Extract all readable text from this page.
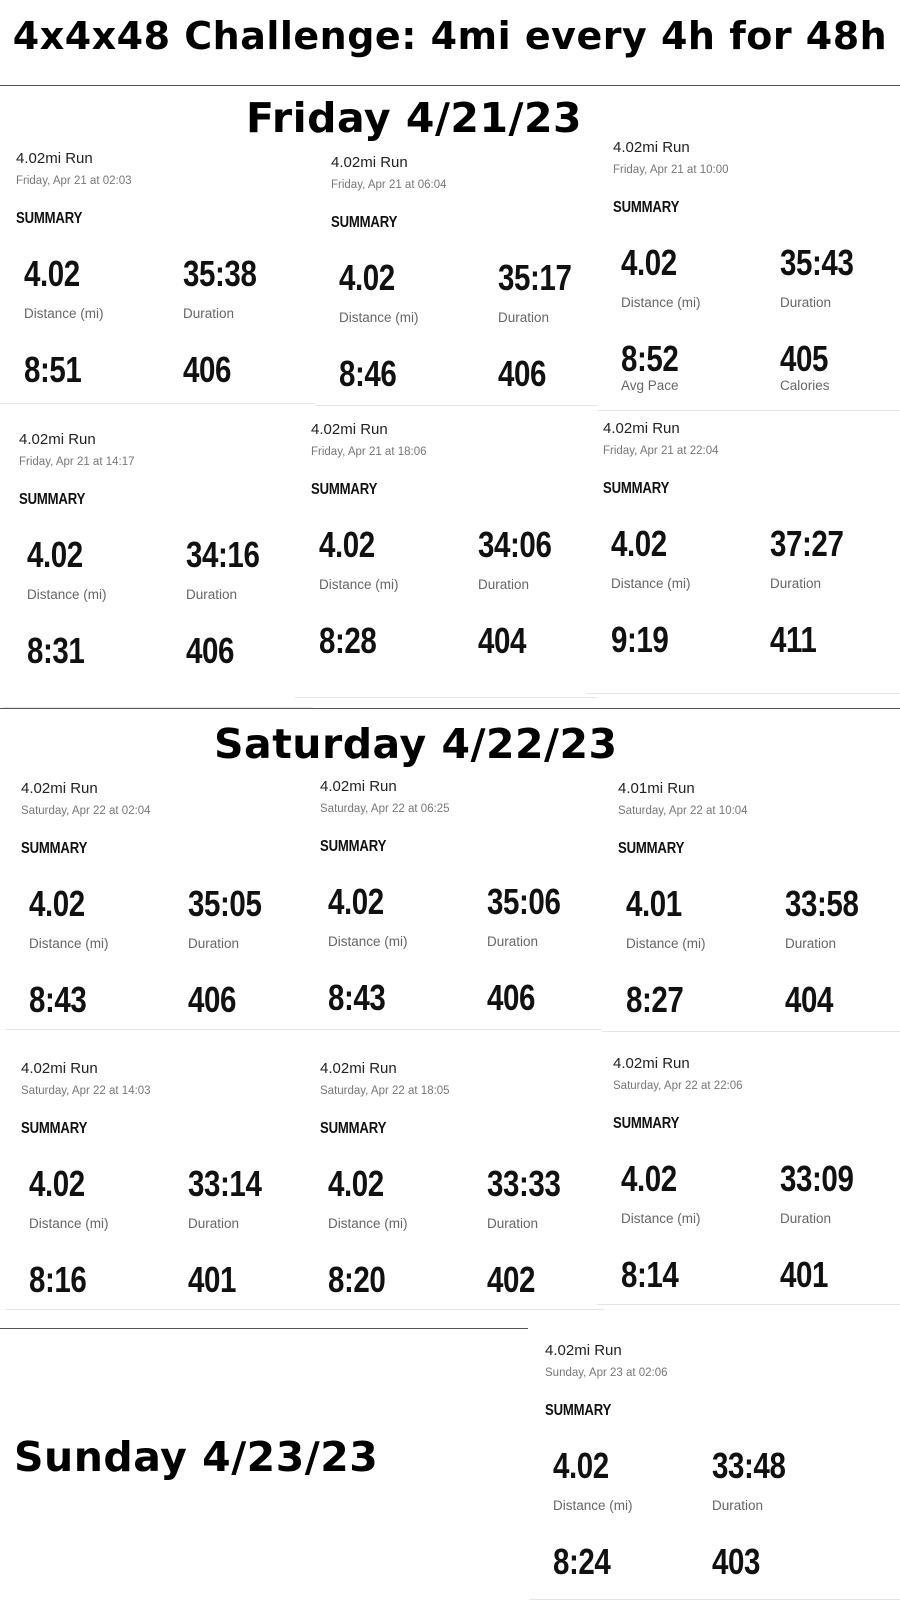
4x4x48 Challenge: 4mi every 4h for 48h
Friday 4/21/23
Saturday 4/22/23
Sunday 4/23/23
4.02mi Run
Friday, Apr 21 at 02:03
SUMMARY
4.02	35:38
Distance (mi)	Duration
8:51	406
4.02mi Run
Friday, Apr 21 at 06:04
SUMMARY
4.02	35:17
Distance (mi)	Duration
8:46	406
4.02mi Run
Friday, Apr 21 at 10:00
SUMMARY
4.02	35:43
Distance (mi)	Duration
8:52	405
Avg Pace	Calories
4.02mi Run
Friday, Apr 21 at 14:17
SUMMARY
4.02	34:16
Distance (mi)	Duration
8:31	406
4.02mi Run
Friday, Apr 21 at 18:06
SUMMARY
4.02	34:06
Distance (mi)	Duration
8:28	404
4.02mi Run
Friday, Apr 21 at 22:04
SUMMARY
4.02	37:27
Distance (mi)	Duration
9:19	411
4.02mi Run
Saturday, Apr 22 at 02:04
SUMMARY
4.02	35:05
Distance (mi)	Duration
8:43	406
4.02mi Run
Saturday, Apr 22 at 06:25
SUMMARY
4.02	35:06
Distance (mi)	Duration
8:43	406
4.01mi Run
Saturday, Apr 22 at 10:04
SUMMARY
4.01	33:58
Distance (mi)	Duration
8:27	404
4.02mi Run
Saturday, Apr 22 at 14:03
SUMMARY
4.02	33:14
Distance (mi)	Duration
8:16	401
4.02mi Run
Saturday, Apr 22 at 18:05
SUMMARY
4.02	33:33
Distance (mi)	Duration
8:20	402
4.02mi Run
Saturday, Apr 22 at 22:06
SUMMARY
4.02	33:09
Distance (mi)	Duration
8:14	401
4.02mi Run
Sunday, Apr 23 at 02:06
SUMMARY
4.02	33:48
Distance (mi)	Duration
8:24	403
